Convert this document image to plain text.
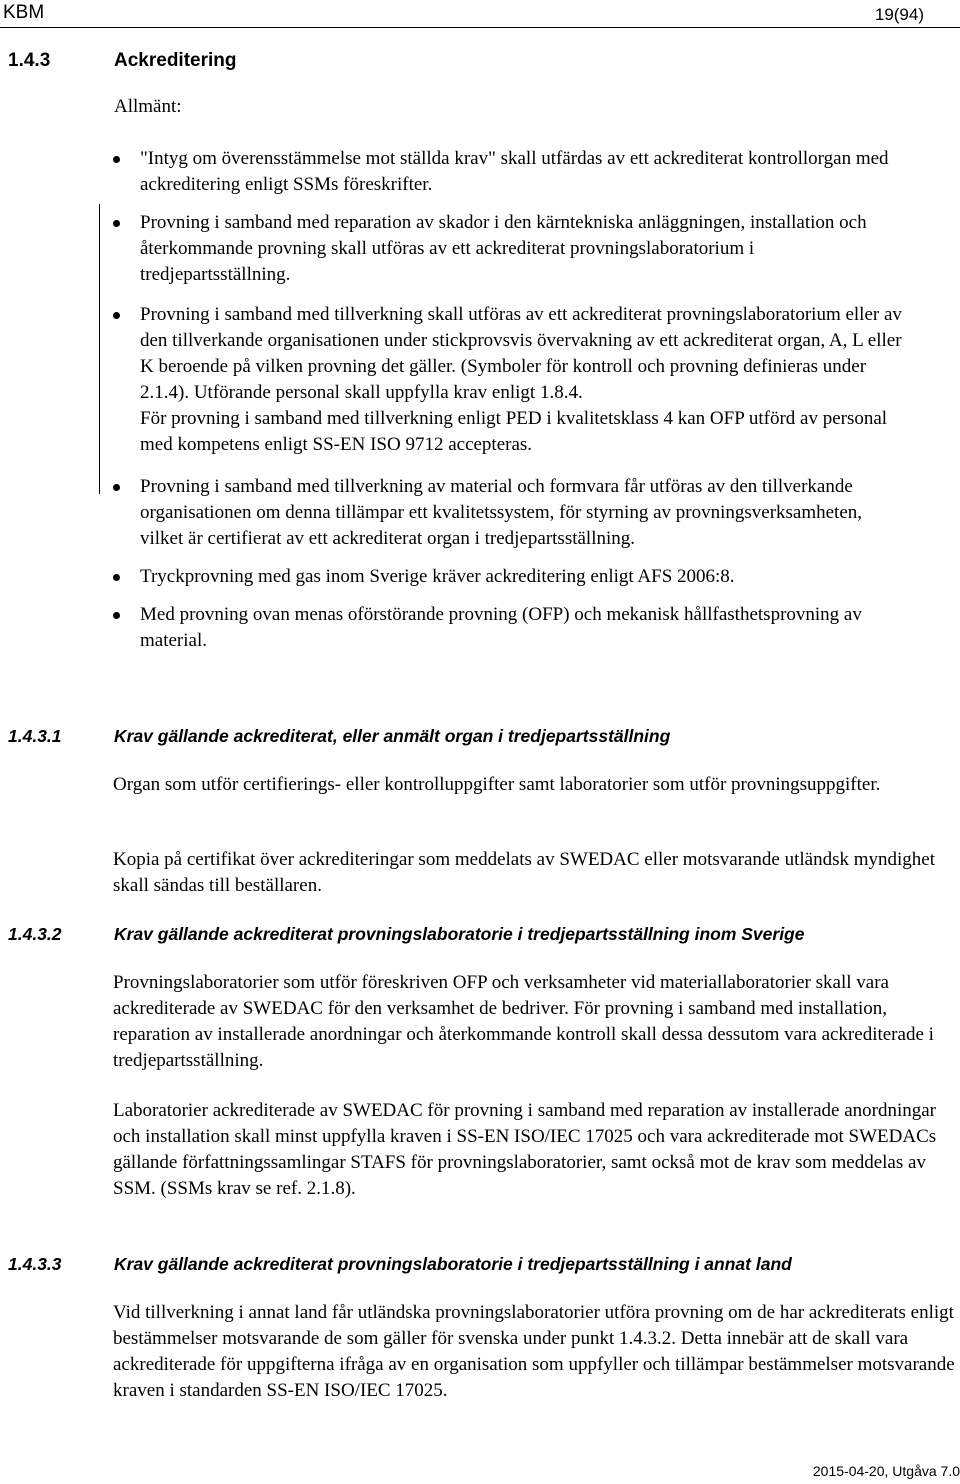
KBM	19(94)
1.4.3	Ackreditering
Allmänt:
"Intyg om överensstämmelse mot ställda krav" skall utfärdas av ett ackrediterat kontrollorgan med ackreditering enligt SSMs föreskrifter.
Provning i samband med reparation av skador i den kärntekniska anläggningen, installation och återkommande provning skall utföras av ett ackrediterat provningslaboratorium i tredjepartsställning.
Provning i samband med tillverkning skall utföras av ett ackrediterat provningslaboratorium eller av den tillverkande organisationen under stickprovsvis övervakning av ett ackrediterat organ, A, L eller K beroende på vilken provning det gäller. (Symboler för kontroll och provning definieras under 2.1.4). Utförande personal skall uppfylla krav enligt 1.8.4.
För provning i samband med tillverkning enligt PED i kvalitetsklass 4 kan OFP utförd av personal med kompetens enligt SS-EN ISO 9712 accepteras.
Provning i samband med tillverkning av material och formvara får utföras av den tillverkande organisationen om denna tillämpar ett kvalitetssystem, för styrning av provningsverksamheten, vilket är certifierat av ett ackrediterat organ i tredjepartsställning.
Tryckprovning med gas inom Sverige kräver ackreditering enligt AFS 2006:8.
Med provning ovan menas oförstörande provning (OFP) och mekanisk hållfasthetsprovning av material.
1.4.3.1	Krav gällande ackrediterat, eller anmält organ i tredjepartsställning

Organ som utför certifierings- eller kontrolluppgifter samt laboratorier som utför provningsuppgifter.

Kopia på certifikat över ackrediteringar som meddelats av SWEDAC eller motsvarande utländsk myndighet skall sändas till beställaren.

1.4.3.2	Krav gällande ackrediterat provningslaboratorie i tredjepartsställning inom Sverige

Provningslaboratorier som utför föreskriven OFP och verksamheter vid materiallaboratorier skall vara ackrediterade av SWEDAC för den verksamhet de bedriver. För provning i samband med installation, reparation av installerade anordningar och återkommande kontroll skall dessa dessutom vara ackrediterade i tredjepartsställning.

Laboratorier ackrediterade av SWEDAC för provning i samband med reparation av installerade anordningar och installation skall minst uppfylla kraven i SS-EN ISO/IEC 17025 och vara ackrediterade mot SWEDACs gällande författningssamlingar STAFS för provningslaboratorier, samt också mot de krav som meddelas av SSM. (SSMs krav se ref. 2.1.8).

1.4.3.3	Krav gällande ackrediterat provningslaboratorie i tredjepartsställning i annat land

Vid tillverkning i annat land får utländska provningslaboratorier utföra provning om de har ackrediterats enligt bestämmelser motsvarande de som gäller för svenska under punkt 1.4.3.2. Detta innebär att de skall vara ackrediterade för uppgifterna ifråga av en organisation som uppfyller och tillämpar bestämmelser motsvarande kraven i standarden SS-EN ISO/IEC 17025.

2015-04-20, Utgåva 7.0
